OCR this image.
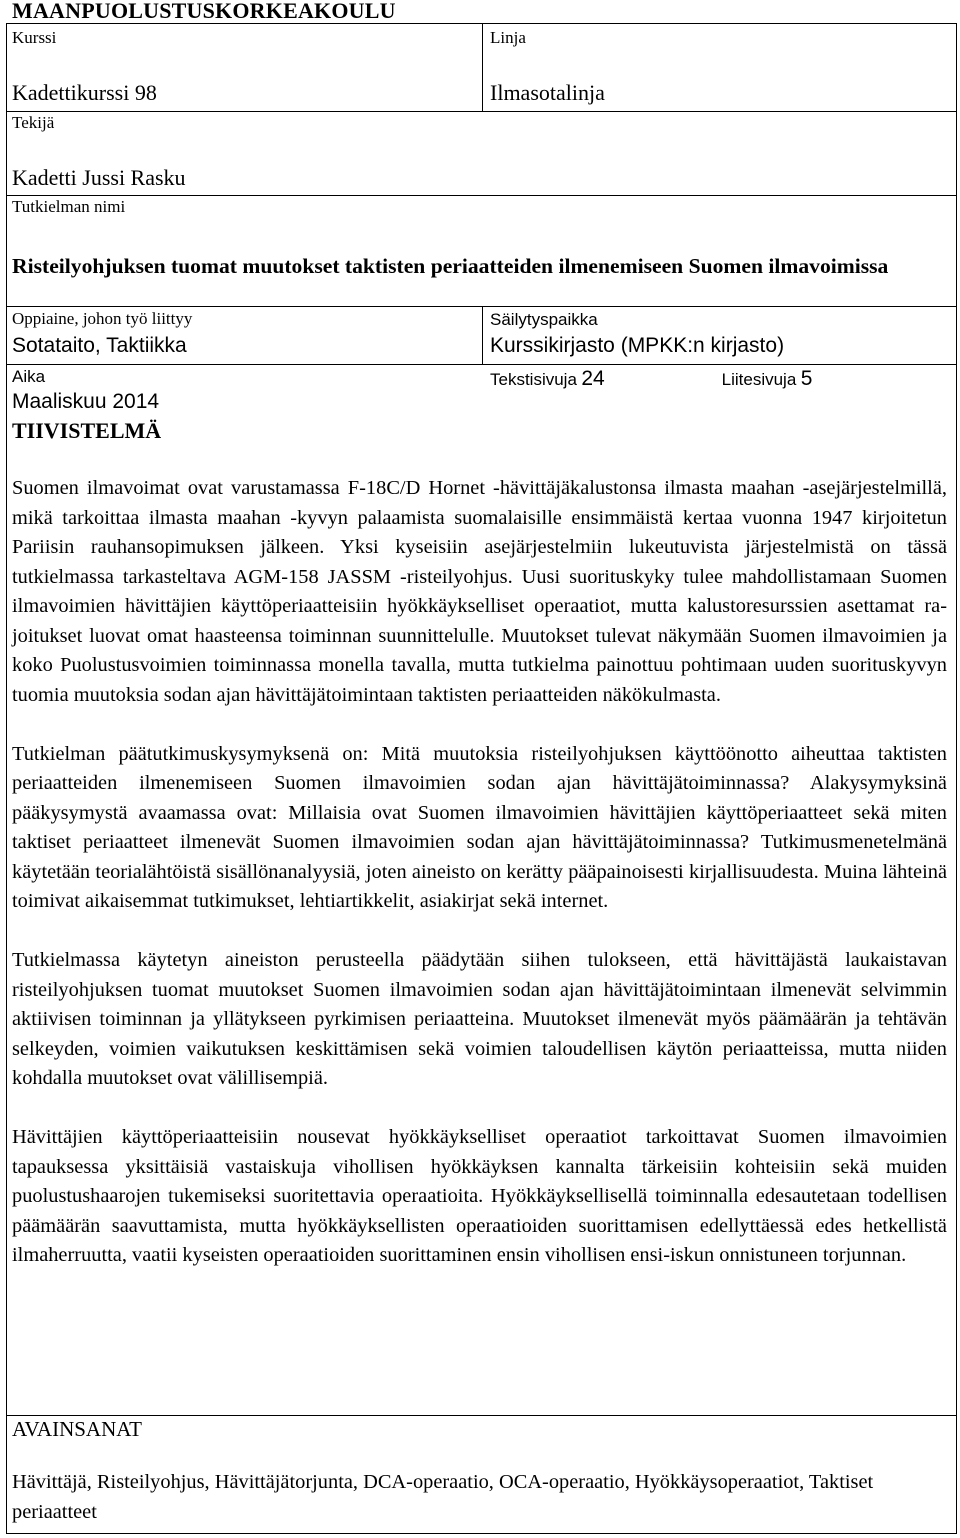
MAANPUOLUSTUSKORKEAKOULU
Kurssi
Kadettikurssi 98
Linja
Ilmasotalinja
Tekijä
Kadetti Jussi Rasku
Tutkielman nimi
Risteilyohjuksen tuomat muutokset taktisten periaatteiden ilmenemiseen Suomen ilmavoimissa
Oppiaine, johon työ liittyy
Sotataito, Taktiikka
Säilytyspaikka
Kurssikirjasto (MPKK:n kirjasto)
Aika
Maaliskuu 2014
Tekstisivuja 24	Liitesivuja 5
TIIVISTELMÄ

Suomen ilmavoimat ovat varustamassa F-18C/D Hornet -hävittäjäkalustonsa ilmasta maahan -asejärjestelmillä, mikä tarkoittaa ilmasta maahan -kyvyn palaamista suomalaisille ensimmäistä kertaa vuonna 1947 kirjoitetun Pariisin rauhansopimuksen jälkeen. Yksi kyseisiin asejärjestelmiin lukeutuvista järjestelmistä on tässä tutkielmassa tarkasteltava AGM-158 JASSM -risteilyohjus. Uusi suorituskyky tulee mahdollistamaan Suomen ilmavoimien hävittäjien käyttöperiaatteisiin hyökkäykselliset operaatiot, mutta kalustoresurssien asettamat rajoitukset luovat omat haasteensa toiminnan suunnittelulle. Muutokset tulevat näkymään Suomen ilmavoimien ja koko Puolustusvoimien toiminnassa monella tavalla, mutta tutkielma painottuu pohtimaan uuden suorituskyvyn tuomia muutoksia sodan ajan hävittäjätoimintaan taktisten periaatteiden näkökulmasta.

Tutkielman päätutkimuskysymyksenä on: Mitä muutoksia risteilyohjuksen käyttöönotto aiheuttaa taktisten periaatteiden ilmenemiseen Suomen ilmavoimien sodan ajan hävittäjätoiminnassa? Alakysymyksinä pääkysymystä avaamassa ovat: Millaisia ovat Suomen ilmavoimien hävittäjien käyttöperiaatteet sekä miten taktiset periaatteet ilmenevät Suomen ilmavoimien sodan ajan hävittäjätoiminnassa? Tutkimusmenetelmänä käytetään teorialähtöistä sisällönanalyysiä, joten aineisto on kerätty pääpainoisesti kirjallisuudesta. Muina lähteinä toimivat aikaisemmat tutkimukset, lehtiartikkelit, asiakirjat sekä internet.

Tutkielmassa käytetyn aineiston perusteella päädytään siihen tulokseen, että hävittäjästä laukaistavan risteilyohjuksen tuomat muutokset Suomen ilmavoimien sodan ajan hävittäjätoimintaan ilmenevät selvimmin aktiivisen toiminnan ja yllätykseen pyrkimisen periaatteina. Muutokset ilmenevät myös päämäärän ja tehtävän selkeyden, voimien vaikutuksen keskittämisen sekä voimien taloudellisen käytön periaatteissa, mutta niiden kohdalla muutokset ovat välillisempiä.

Hävittäjien käyttöperiaatteisiin nousevat hyökkäykselliset operaatiot tarkoittavat Suomen ilmavoimien tapauksessa yksittäisiä vastaiskuja vihollisen hyökkäyksen kannalta tärkeisiin kohteisiin sekä muiden puolustushaarojen tukemiseksi suoritettavia operaatioita. Hyökkäyksellisellä toiminnalla edesautetaan todellisen päämäärän saavuttamista, mutta hyökkäyksellisten operaatioiden suorittamisen edellyttäessä edes hetkellistä ilmaherruutta, vaatii kyseisten operaatioiden suorittaminen ensin vihollisen ensi-iskun onnistuneen torjunnan.

AVAINSANAT
Hävittäjä, Risteilyohjus, Hävittäjätorjunta, DCA-operaatio, OCA-operaatio, Hyökkäysoperaatiot, Taktiset periaatteet
